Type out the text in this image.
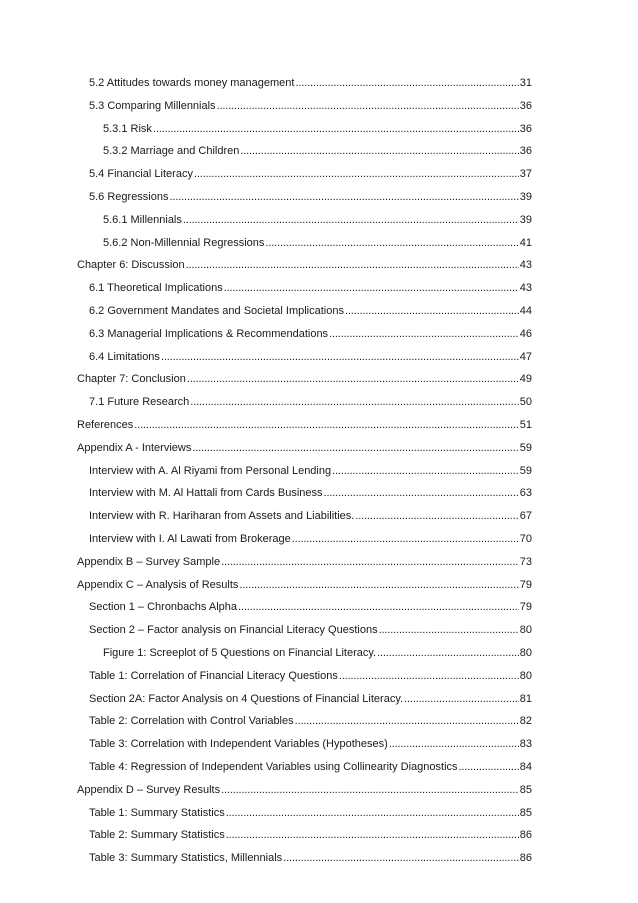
5.2 Attitudes towards money management . . .	31
5.3 Comparing Millennials . . .	36
5.3.1 Risk . . .	36
5.3.2 Marriage and Children . . .	36
5.4 Financial Literacy . . .	37
5.6 Regressions . . .	39
5.6.1 Millennials . . .	39
5.6.2 Non-Millennial Regressions . . .	41
Chapter 6: Discussion . . .	43
6.1 Theoretical Implications . . .	43
6.2 Government Mandates and Societal Implications . . .	44
6.3 Managerial Implications & Recommendations . . .	46
6.4 Limitations . . .	47
Chapter 7: Conclusion . . .	49
7.1 Future Research . . .	50
References . . .	51
Appendix A - Interviews . . .	59
Interview with A. Al Riyami from Personal Lending . . .	59
Interview with M. Al Hattali from Cards Business . . .	63
Interview with R. Hariharan from Assets and Liabilities. . . .	67
Interview with I. Al Lawati from Brokerage . . .	70
Appendix B – Survey Sample . . .	73
Appendix C – Analysis of Results . . .	79
Section 1 – Chronbachs Alpha . . .	79
Section 2 – Factor analysis on Financial Literacy Questions . . .	80
Figure 1: Screeplot of 5 Questions on Financial Literacy. . . .	80
Table 1: Correlation of Financial Literacy Questions . . .	80
Section 2A: Factor Analysis on 4 Questions of Financial Literacy. . . .	81
Table 2: Correlation with Control Variables . . .	82
Table 3: Correlation with Independent Variables (Hypotheses) . . .	83
Table 4: Regression of Independent Variables using Collinearity Diagnostics . . .	84
Appendix D – Survey Results . . .	85
Table 1: Summary Statistics . . .	85
Table 2: Summary Statistics . . .	86
Table 3: Summary Statistics, Millennials . . .	86
